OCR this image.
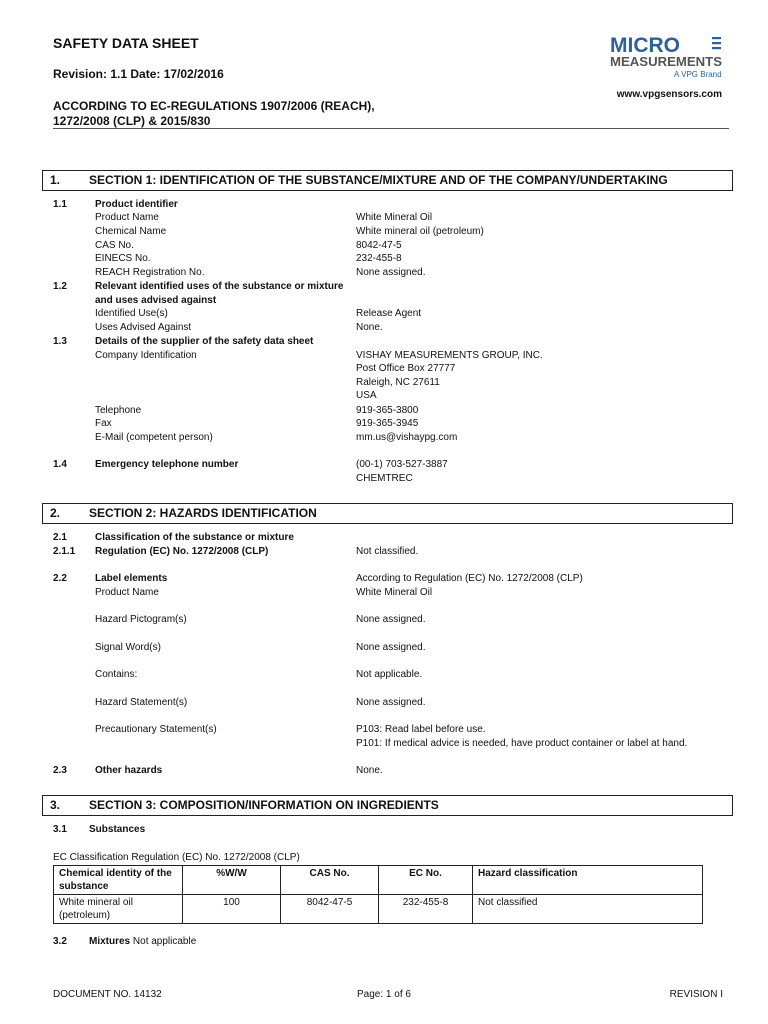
SAFETY DATA SHEET
Revision: 1.1 Date: 17/02/2016
ACCORDING TO EC-REGULATIONS 1907/2006 (REACH),
1272/2008 (CLP) & 2015/830
MICRO
MEASUREMENTS
A VPG Brand
www.vpgsensors.com
1. SECTION 1: IDENTIFICATION OF THE SUBSTANCE/MIXTURE AND OF THE COMPANY/UNDERTAKING
1.1	Product identifier
Product Name	White Mineral Oil
Chemical Name	White mineral oil (petroleum)
CAS No.	8042-47-5
EINECS No.	232-455-8
REACH Registration No.	None assigned.
1.2	Relevant identified uses of the substance or mixture
and uses advised against
Identified Use(s)	Release Agent
Uses Advised Against	None.
1.3	Details of the supplier of the safety data sheet
Company Identification	VISHAY MEASUREMENTS GROUP, INC.
Post Office Box 27777
Raleigh, NC 27611
USA
Telephone	919-365-3800
Fax	919-365-3945
E-Mail (competent person)	mm.us@vishaypg.com
1.4	Emergency telephone number	(00-1) 703-527-3887
CHEMTREC
2. SECTION 2: HAZARDS IDENTIFICATION
2.1	Classification of the substance or mixture
2.1.1 Regulation (EC) No. 1272/2008 (CLP)	Not classified.
2.2	Label elements	According to Regulation (EC) No. 1272/2008 (CLP)
Product Name	White Mineral Oil
Hazard Pictogram(s)	None assigned.
Signal Word(s)	None assigned.
Contains:	Not applicable.
Hazard Statement(s)	None assigned.
Precautionary Statement(s)	P103: Read label before use.
P101: If medical advice is needed, have product container or label at hand.
2.3	Other hazards	None.
3. SECTION 3: COMPOSITION/INFORMATION ON INGREDIENTS
3.1 Substances
EC Classification Regulation (EC) No. 1272/2008 (CLP)
Chemical identity of the substance	%W/W	CAS No.	EC No.	Hazard classification
White mineral oil (petroleum)	100	8042-47-5	232-455-8	Not classified
3.2 Mixtures Not applicable
DOCUMENT NO. 14132	Page: 1 of 6	REVISION I
